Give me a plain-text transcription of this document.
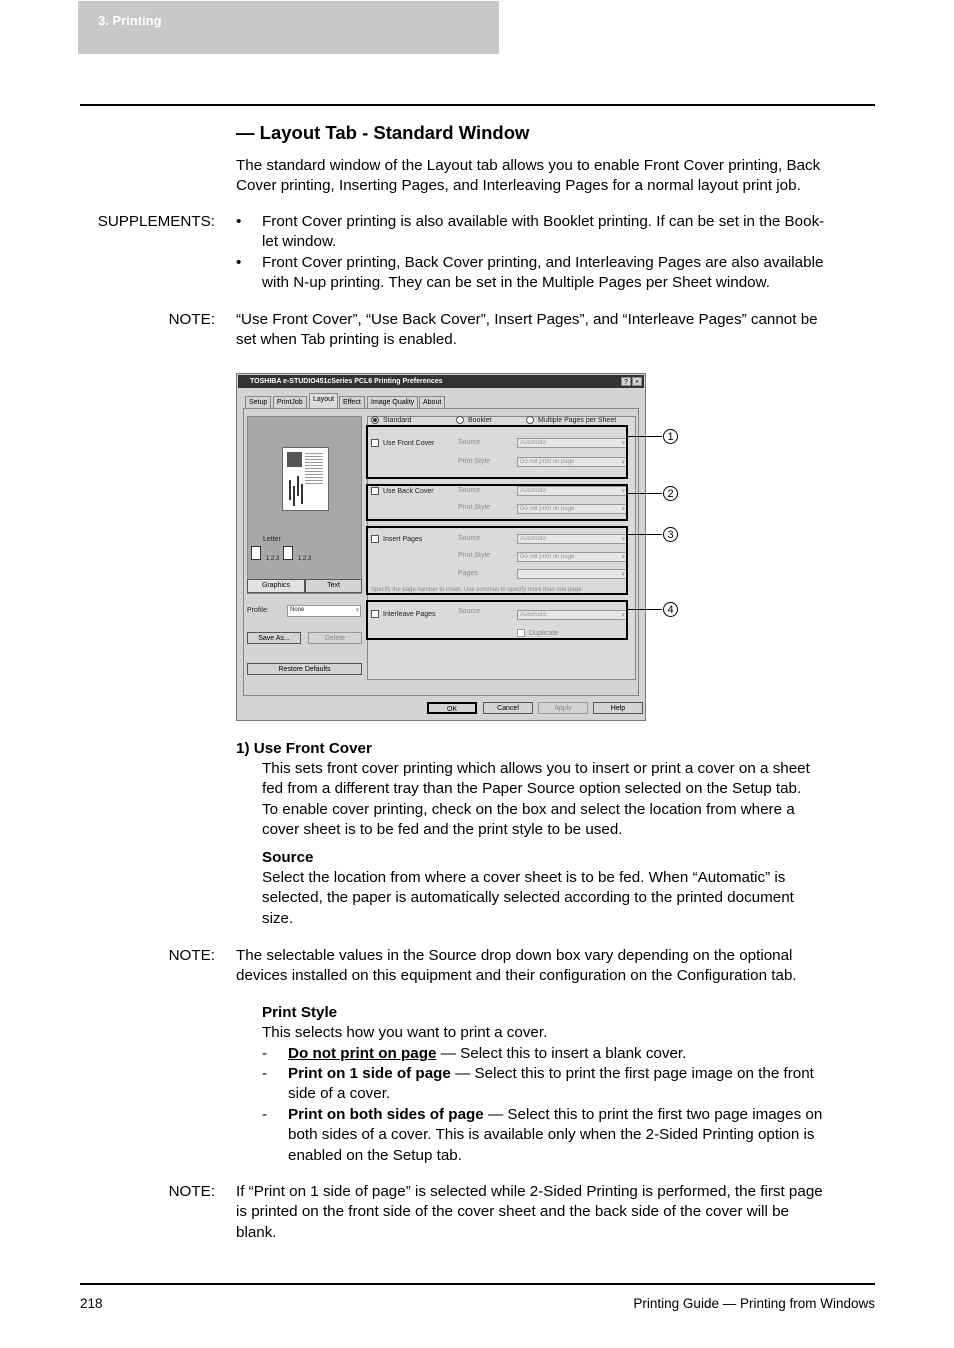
3. Printing
— Layout Tab - Standard Window
The standard window of the Layout tab allows you to enable Front Cover printing, Back
Cover printing, Inserting Pages, and Interleaving Pages for a normal layout print job.
SUPPLEMENTS: • Front Cover printing is also available with Booklet printing. If can be set in the Book-
let window.
• Front Cover printing, Back Cover printing, and Interleaving Pages are also available
with N-up printing. They can be set in the Multiple Pages per Sheet window.
NOTE: “Use Front Cover”, “Use Back Cover”, Insert Pages”, and “Interleave Pages” cannot be
set when Tab printing is enabled.
TOSHIBA e-STUDIO451cSeries PCL6 Printing Preferences	?	×
Setup	PrintJob	Layout	Effect	Image Quality	About
Letter
1,2,3	1,2,3
Graphics	Text
Profile:	None ▾
Save As...	Delete
Restore Defaults
Standard	Booklet	Multiple Pages per Sheet
Use Front Cover	Source	Automatic ▾
Print Style	Do not print on page ▾
Use Back Cover	Source	Automatic ▾
Print Style	Do not print on page ▾
Insert Pages	Source	Automatic ▾
Print Style	Do not print on page ▾
Pages
▾
Specify the page number to insert. Use commas to specify more than one page.
Interleave Pages	Source	Automatic ▾
Duplicate
OK	Cancel	Apply	Help
1
2
3
4
1) Use Front Cover
This sets front cover printing which allows you to insert or print a cover on a sheet
fed from a different tray than the Paper Source option selected on the Setup tab.
To enable cover printing, check on the box and select the location from where a
cover sheet is to be fed and the print style to be used.
Source
Select the location from where a cover sheet is to be fed. When “Automatic” is
selected, the paper is automatically selected according to the printed document
size.
NOTE: The selectable values in the Source drop down box vary depending on the optional
devices installed on this equipment and their configuration on the Configuration tab.
Print Style
This selects how you want to print a cover.
- Do not print on page — Select this to insert a blank cover.
- Print on 1 side of page — Select this to print the first page image on the front
side of a cover.
- Print on both sides of page — Select this to print the first two page images on
both sides of a cover. This is available only when the 2-Sided Printing option is
enabled on the Setup tab.
NOTE: If “Print on 1 side of page” is selected while 2-Sided Printing is performed, the first page
is printed on the front side of the cover sheet and the back side of the cover will be
blank.
218	Printing Guide — Printing from Windows
